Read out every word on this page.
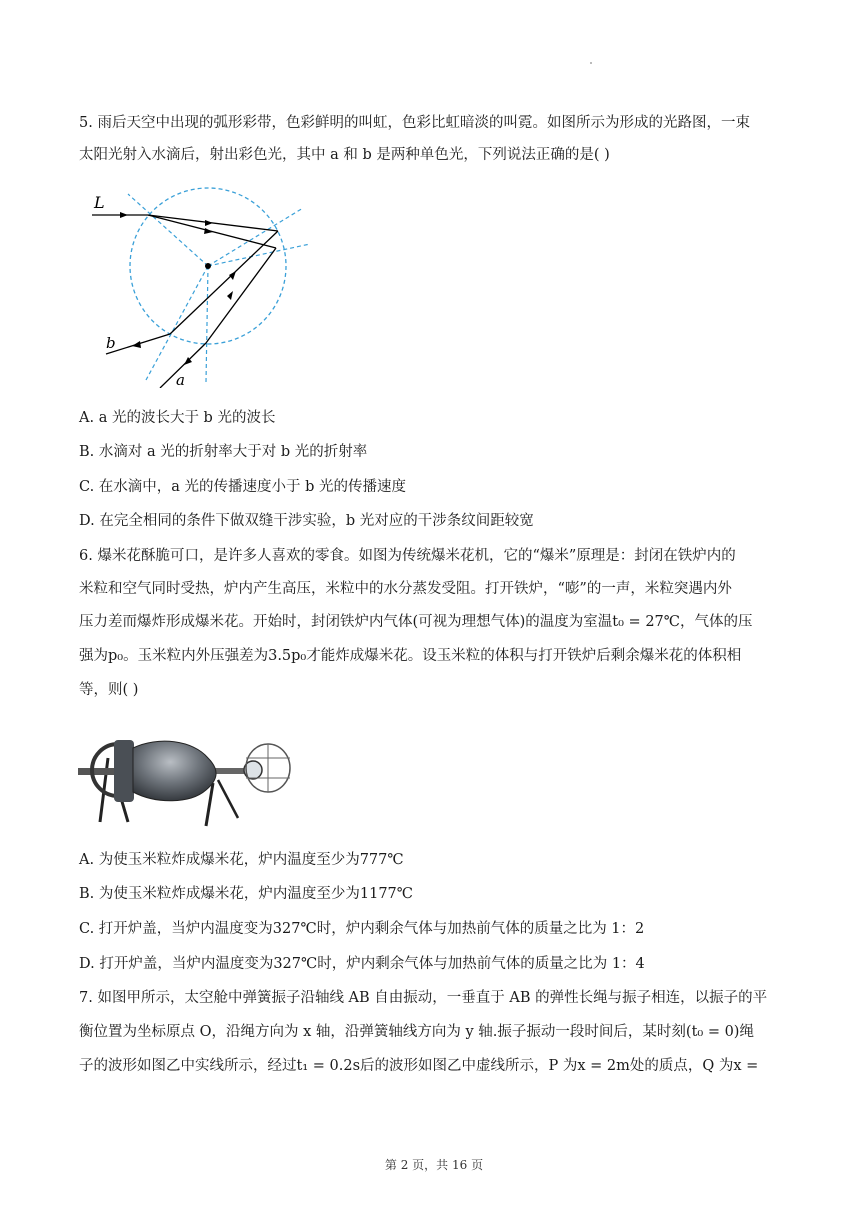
5. 雨后天空中出现的弧形彩带，色彩鲜明的叫虹，色彩比虹暗淡的叫霓。如图所示为形成的光路图，一束
太阳光射入水滴后，射出彩色光，其中 a 和 b 是两种单色光，下列说法正确的是( )
L
b
a
A. a 光的波长大于 b 光的波长
B. 水滴对 a 光的折射率大于对 b 光的折射率
C. 在水滴中，a 光的传播速度小于 b 光的传播速度
D. 在完全相同的条件下做双缝干涉实验，b 光对应的干涉条纹间距较宽
6. 爆米花酥脆可口，是许多人喜欢的零食。如图为传统爆米花机，它的“爆米”原理是：封闭在铁炉内的
米粒和空气同时受热，炉内产生高压，米粒中的水分蒸发受阻。打开铁炉，“嘭”的一声，米粒突遇内外
压力差而爆炸形成爆米花。开始时，封闭铁炉内气体(可视为理想气体)的温度为室温t₀ = 27℃，气体的压
强为p₀。玉米粒内外压强差为3.5p₀才能炸成爆米花。设玉米粒的体积与打开铁炉后剩余爆米花的体积相
等，则( )
A. 为使玉米粒炸成爆米花，炉内温度至少为777℃
B. 为使玉米粒炸成爆米花，炉内温度至少为1177℃
C. 打开炉盖，当炉内温度变为327℃时，炉内剩余气体与加热前气体的质量之比为 1：2
D. 打开炉盖，当炉内温度变为327℃时，炉内剩余气体与加热前气体的质量之比为 1：4
7. 如图甲所示，太空舱中弹簧振子沿轴线 AB 自由振动，一垂直于 AB 的弹性长绳与振子相连，以振子的平
衡位置为坐标原点 O，沿绳方向为 x 轴，沿弹簧轴线方向为 y 轴.振子振动一段时间后，某时刻(t₀ = 0)绳
子的波形如图乙中实线所示，经过t₁ = 0.2s后的波形如图乙中虚线所示，P 为x = 2m处的质点，Q 为x =
第 2 页，共 16 页
